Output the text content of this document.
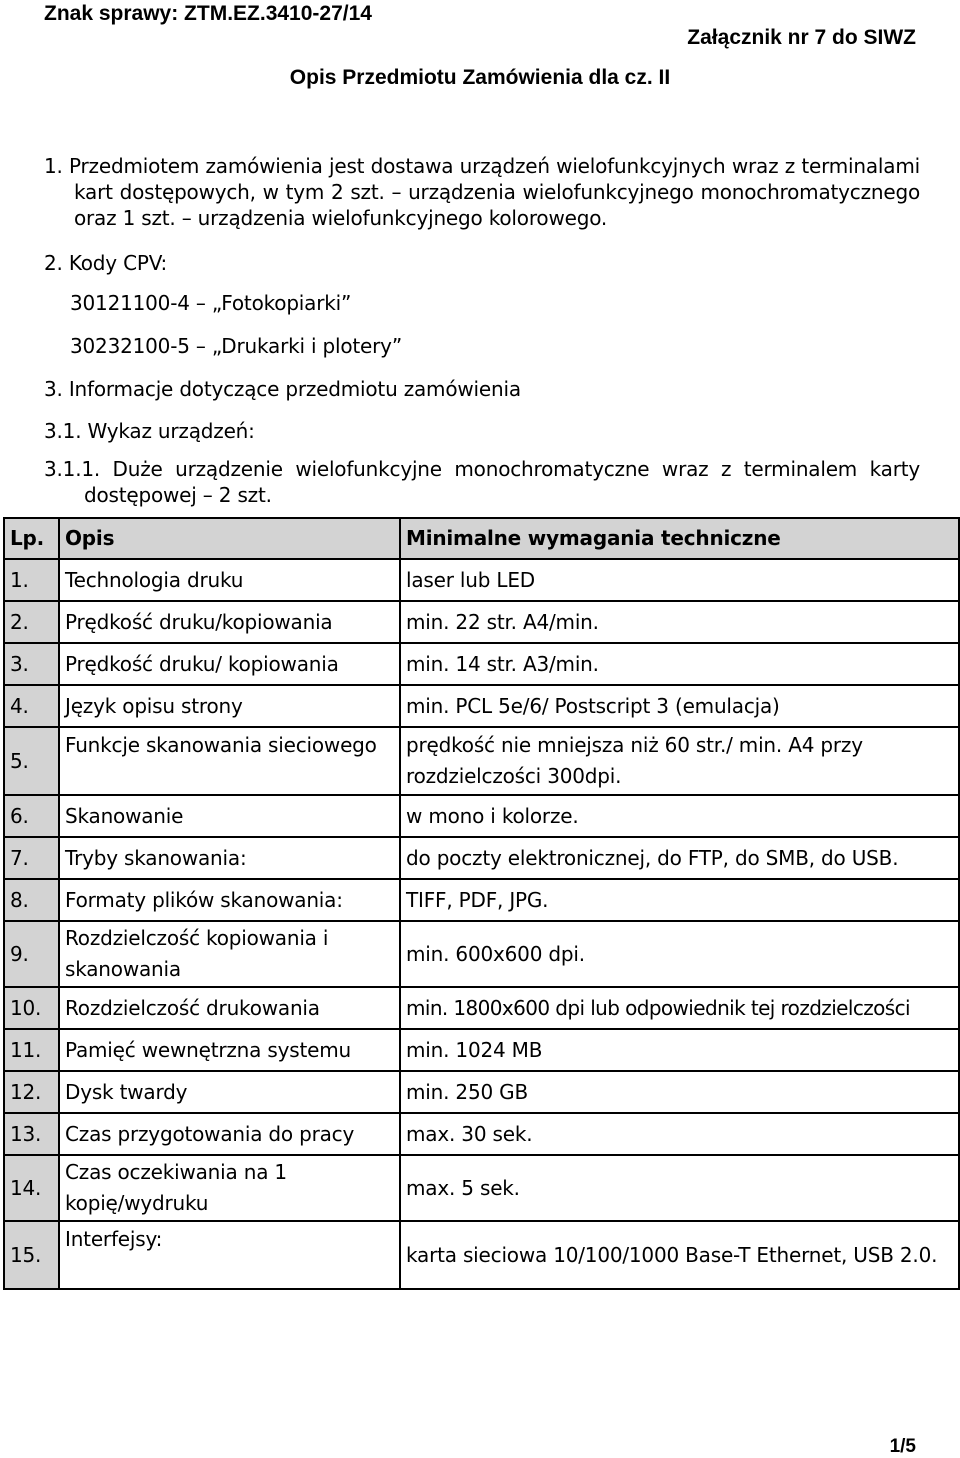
Znak sprawy: ZTM.EZ.3410-27/14
Załącznik nr 7 do SIWZ
Opis Przedmiotu Zamówienia dla cz. II
1. Przedmiotem zamówienia jest dostawa urządzeń wielofunkcyjnych wraz z terminalami kart dostępowych, w tym 2 szt. – urządzenia wielofunkcyjnego monochromatycznego oraz 1 szt. – urządzenia wielofunkcyjnego kolorowego.
2. Kody CPV:
30121100-4 – „Fotokopiarki”
30232100-5 – „Drukarki i plotery”
3. Informacje dotyczące przedmiotu zamówienia
3.1. Wykaz urządzeń:
3.1.1. Duże urządzenie wielofunkcyjne monochromatyczne wraz z terminalem karty dostępowej – 2 szt.
Lp.	Opis	Minimalne wymagania techniczne
1.	Technologia druku	laser lub LED
2.	Prędkość druku/kopiowania	min. 22 str. A4/min.
3.	Prędkość druku/ kopiowania	min. 14 str. A3/min.
4.	Język opisu strony	min. PCL 5e/6/ Postscript 3 (emulacja)
5.	Funkcje skanowania sieciowego	prędkość nie mniejsza niż 60 str./ min. A4 przy rozdzielczości 300dpi.
6.	Skanowanie	w mono i kolorze.
7.	Tryby skanowania:	do poczty elektronicznej, do FTP, do SMB, do USB.
8.	Formaty plików skanowania:	TIFF, PDF, JPG.
9.	Rozdzielczość kopiowania i skanowania	min. 600x600 dpi.
10.	Rozdzielczość drukowania	min. 1800x600 dpi lub odpowiednik tej rozdzielczości
11.	Pamięć wewnętrzna systemu	min. 1024 MB
12.	Dysk twardy	min. 250 GB
13.	Czas przygotowania do pracy	max. 30 sek.
14.	Czas oczekiwania na 1 kopię/wydruku	max. 5 sek.
15.	Interfejsy:	karta sieciowa 10/100/1000 Base-T Ethernet, USB 2.0.
1/5
